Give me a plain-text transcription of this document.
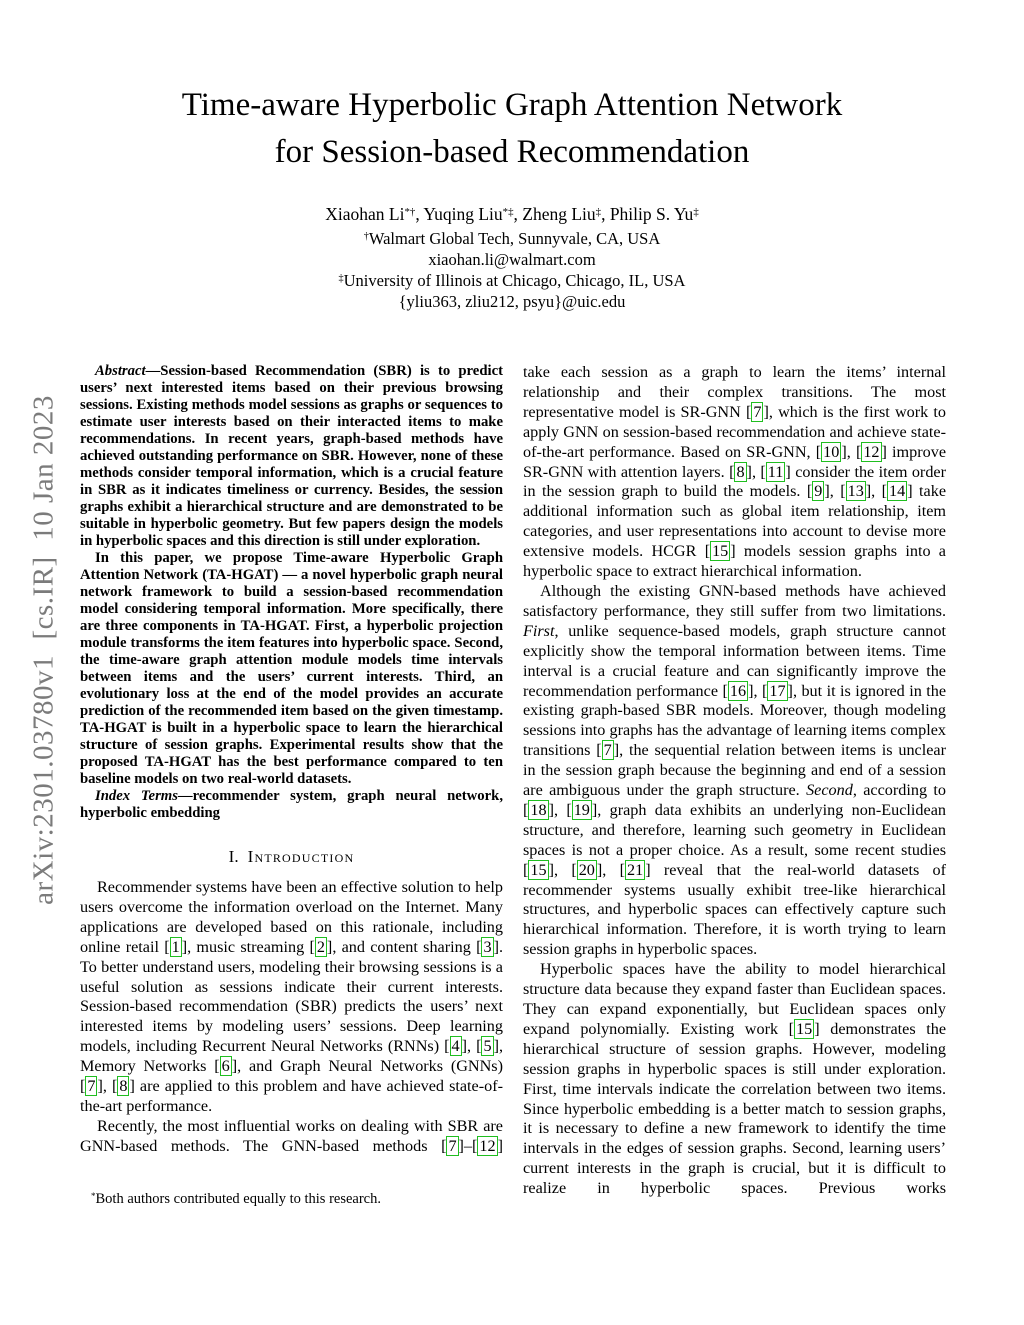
arXiv:2301.03780v1  [cs.IR]  10 Jan 2023
Time-aware Hyperbolic Graph Attention Network
for Session-based Recommendation
Xiaohan Li*†, Yuqing Liu*‡, Zheng Liu‡, Philip S. Yu‡
†Walmart Global Tech, Sunnyvale, CA, USA
xiaohan.li@walmart.com
‡University of Illinois at Chicago, Chicago, IL, USA
{yliu363, zliu212, psyu}@uic.edu

Abstract—Session-based Recommendation (SBR) is to predict users’ next interested items based on their previous browsing sessions. Existing methods model sessions as graphs or sequences to estimate user interests based on their interacted items to make recommendations. In recent years, graph-based methods have achieved outstanding performance on SBR. However, none of these methods consider temporal information, which is a crucial feature in SBR as it indicates timeliness or currency. Besides, the session graphs exhibit a hierarchical structure and are demonstrated to be suitable in hyperbolic geometry. But few papers design the models in hyperbolic spaces and this direction is still under exploration.

In this paper, we propose Time-aware Hyperbolic Graph Attention Network (TA-HGAT) — a novel hyperbolic graph neural network framework to build a session-based recommendation model considering temporal information. More specifically, there are three components in TA-HGAT. First, a hyperbolic projection module transforms the item features into hyperbolic space. Second, the time-aware graph attention module models time intervals between items and the users’ current interests. Third, an evolutionary loss at the end of the model provides an accurate prediction of the recommended item based on the given timestamp. TA-HGAT is built in a hyperbolic space to learn the hierarchical structure of session graphs. Experimental results show that the proposed TA-HGAT has the best performance compared to ten baseline models on two real-world datasets.

Index Terms—recommender system, graph neural network, hyperbolic embedding

I. Introduction

Recommender systems have been an effective solution to help users overcome the information overload on the Internet. Many applications are developed based on this rationale, including online retail [ 1 ], music streaming [ 2 ], and content sharing [ 3 ]. To better understand users, modeling their browsing sessions is a useful solution as sessions indicate their current interests. Session-based recommendation (SBR) predicts the users’ next interested items by modeling users’ sessions. Deep learning models, including Recurrent Neural Networks (RNNs) [ 4 ], [ 5 ], Memory Networks [ 6 ], and Graph Neural Networks (GNNs) [ 7 ], [ 8 ] are applied to this problem and have achieved state-of-the-art performance.

Recently, the most influential works on dealing with SBR are GNN-based methods. The GNN-based methods [ 7 ]–[ 12 ]

*Both authors contributed equally to this research.

take each session as a graph to learn the items’ internal relationship and their complex transitions. The most representative model is SR-GNN [ 7 ], which is the first work to apply GNN on session-based recommendation and achieve state-of-the-art performance. Based on SR-GNN, [ 10 ], [ 12 ] improve SR-GNN with attention layers. [ 8 ], [ 11 ] consider the item order in the session graph to build the models. [ 9 ], [ 13 ], [ 14 ] take additional information such as global item relationship, item categories, and user representations into account to devise more extensive models. HCGR [ 15 ] models session graphs into a hyperbolic space to extract hierarchical information.

Although the existing GNN-based methods have achieved satisfactory performance, they still suffer from two limitations. First, unlike sequence-based models, graph structure cannot explicitly show the temporal information between items. Time interval is a crucial feature and can significantly improve the recommendation performance [ 16 ], [ 17 ], but it is ignored in the existing graph-based SBR models. Moreover, though modeling sessions into graphs has the advantage of learning items complex transitions [ 7 ], the sequential relation between items is unclear in the session graph because the beginning and end of a session are ambiguous under the graph structure. Second, according to [ 18 ], [ 19 ], graph data exhibits an underlying non-Euclidean structure, and therefore, learning such geometry in Euclidean spaces is not a proper choice. As a result, some recent studies [ 15 ], [ 20 ], [ 21 ] reveal that the real-world datasets of recommender systems usually exhibit tree-like hierarchical structures, and hyperbolic spaces can effectively capture such hierarchical information. Therefore, it is worth trying to learn session graphs in hyperbolic spaces.

Hyperbolic spaces have the ability to model hierarchical structure data because they expand faster than Euclidean spaces. They can expand exponentially, but Euclidean spaces only expand polynomially. Existing work [ 15 ] demonstrates the hierarchical structure of session graphs. However, modeling session graphs in hyperbolic spaces is still under exploration. First, time intervals indicate the correlation between two items. Since hyperbolic embedding is a better match to session graphs, it is necessary to define a new framework to identify the time intervals in the edges of session graphs. Second, learning users’ current interests in the graph is crucial, but it is difficult to realize in hyperbolic spaces. Previous works
